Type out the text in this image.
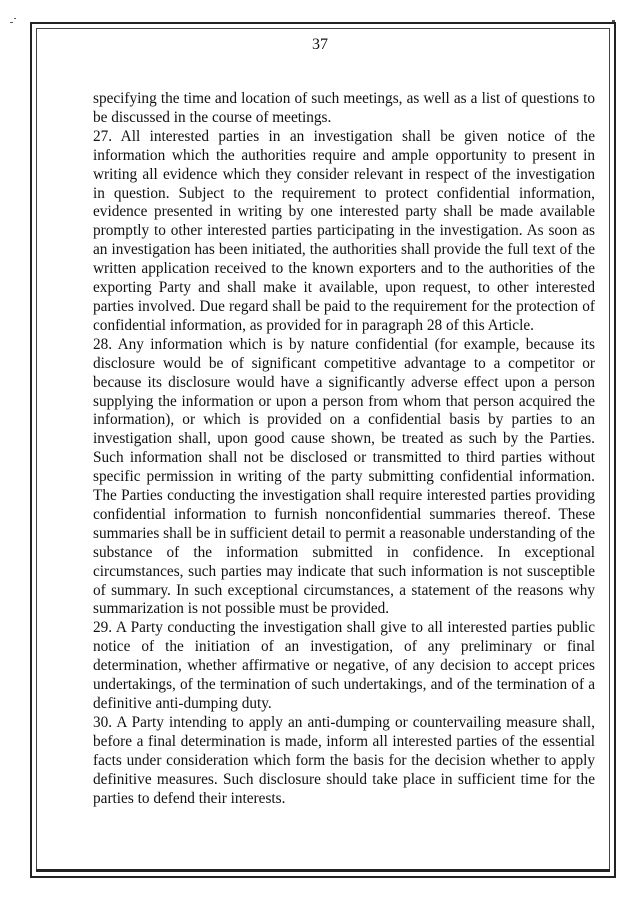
37

specifying the time and location of such meetings, as well as a list of questions to be discussed in the course of meetings.

27. All interested parties in an investigation shall be given notice of the information which the authorities require and ample opportunity to present in writing all evidence which they consider relevant in respect of the investigation in question. Subject to the requirement to protect confidential information, evidence presented in writing by one interested party shall be made available promptly to other interested parties participating in the investigation. As soon as an investigation has been initiated, the authorities shall provide the full text of the written application received to the known exporters and to the authorities of the exporting Party and shall make it available, upon request, to other interested parties involved. Due regard shall be paid to the requirement for the protection of confidential information, as provided for in paragraph 28 of this Article.

28. Any information which is by nature confidential (for example, because its disclosure would be of significant competitive advantage to a competitor or because its disclosure would have a significantly adverse effect upon a person supplying the information or upon a person from whom that person acquired the information), or which is provided on a confidential basis by parties to an investigation shall, upon good cause shown, be treated as such by the Parties. Such information shall not be disclosed or transmitted to third parties without specific permission in writing of the party submitting confidential information. The Parties conducting the investigation shall require interested parties providing confidential information to furnish nonconfidential summaries thereof. These summaries shall be in sufficient detail to permit a reasonable understanding of the substance of the information submitted in confidence. In exceptional circumstances, such parties may indicate that such information is not susceptible of summary. In such exceptional circumstances, a statement of the reasons why summarization is not possible must be provided.

29. A Party conducting the investigation shall give to all interested parties public notice of the initiation of an investigation, of any preliminary or final determination, whether affirmative or negative, of any decision to accept prices undertakings, of the termination of such undertakings, and of the termination of a definitive anti-dumping duty.

30. A Party intending to apply an anti-dumping or countervailing measure shall, before a final determination is made, inform all interested parties of the essential facts under consideration which form the basis for the decision whether to apply definitive measures. Such disclosure should take place in sufficient time for the parties to defend their interests.
